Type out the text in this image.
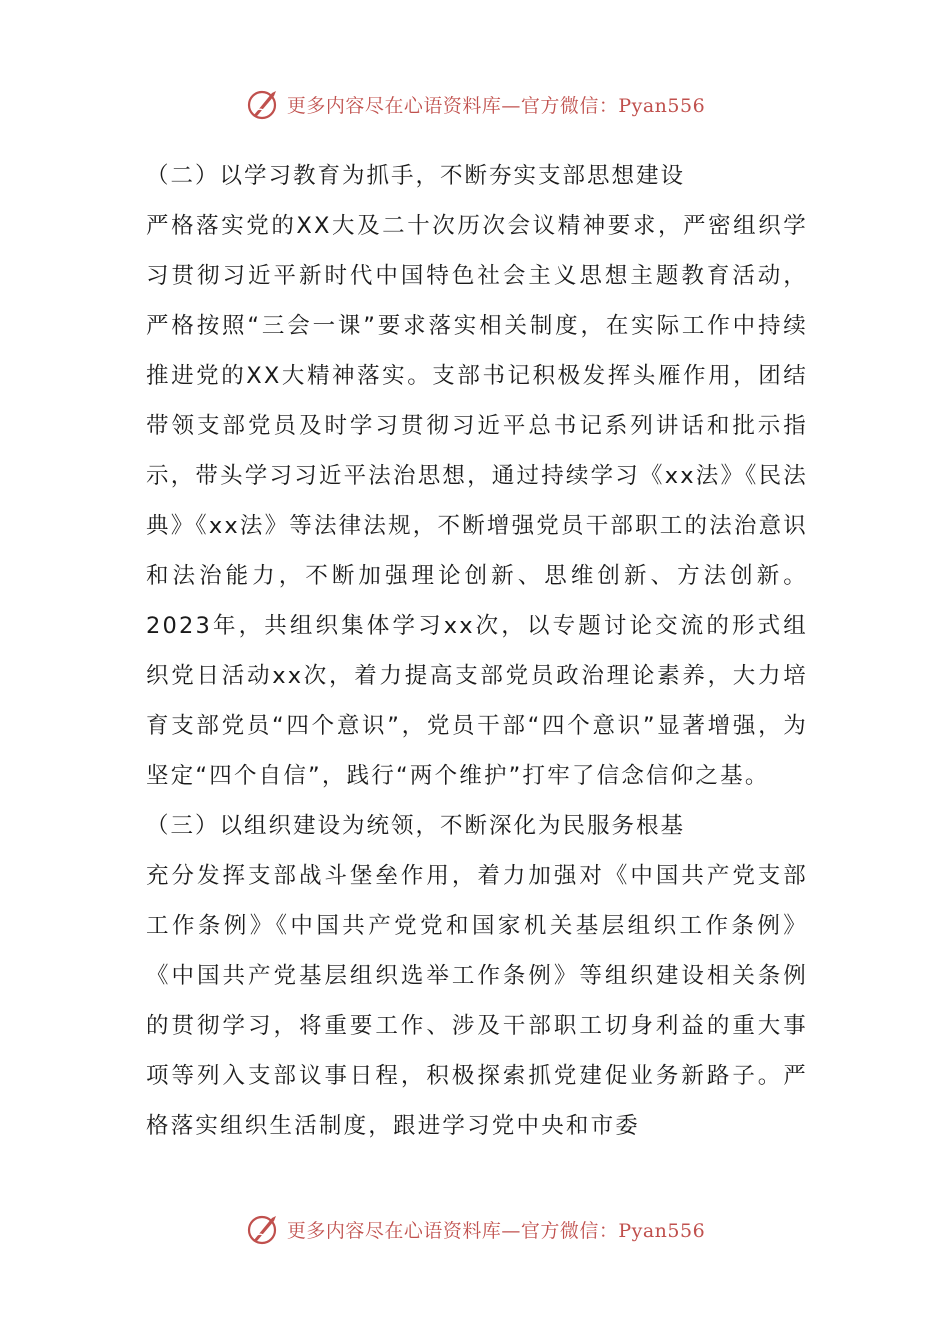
更多内容尽在心语资料库—官方微信：Pyan556

（二）以学习教育为抓手，不断夯实支部思想建设

严格落实党的XX大及二十次历次会议精神要求，严密组织学习贯彻习近平新时代中国特色社会主义思想主题教育活动，严格按照“三会一课”要求落实相关制度，在实际工作中持续推进党的XX大精神落实。支部书记积极发挥头雁作用，团结带领支部党员及时学习贯彻习近平总书记系列讲话和批示指示，带头学习习近平法治思想，通过持续学习《xx法》《民法典》《xx法》等法律法规，不断增强党员干部职工的法治意识和法治能力，不断加强理论创新、思维创新、方法创新。2023年，共组织集体学习xx次，以专题讨论交流的形式组织党日活动xx次，着力提高支部党员政治理论素养，大力培育支部党员“四个意识”，党员干部“四个意识”显著增强，为坚定“四个自信”，践行“两个维护”打牢了信念信仰之基。

（三）以组织建设为统领，不断深化为民服务根基

充分发挥支部战斗堡垒作用，着力加强对《中国共产党支部工作条例》《中国共产党党和国家机关基层组织工作条例》《中国共产党基层组织选举工作条例》等组织建设相关条例的贯彻学习，将重要工作、涉及干部职工切身利益的重大事项等列入支部议事日程，积极探索抓党建促业务新路子。严格落实组织生活制度，跟进学习党中央和市委

更多内容尽在心语资料库—官方微信：Pyan556
